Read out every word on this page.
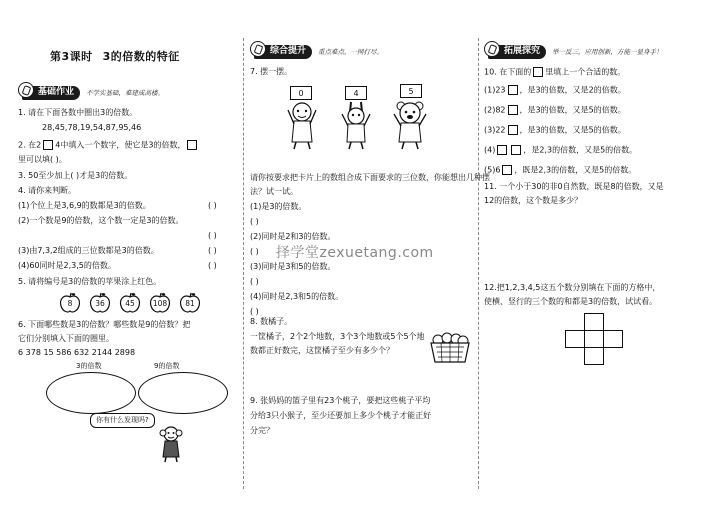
第3课时 3的倍数的特征
基础作业	不学实基础，难建成高楼。
1. 请在下面各数中圈出3的倍数。
28,45,78,19,54,87,95,46
2. 在2 4中填入一个数字，使它是3的倍数，
里可以填( )。
3. 50至少加上( )才是3的倍数。
4. 请你来判断。
(1)个位上是3,6,9的数都是3的倍数。	( )
(2)一个数是9的倍数，这个数一定是3的倍数。
( )
(3)由7,3,2组成的三位数都是3的倍数。	( )
(4)60同时是2,3,5的倍数。	( )
5. 请将编号是3的倍数的苹果涂上红色。
8	36	45	108	81
6. 下面哪些数是3的倍数？哪些数是9的倍数？把
它们分别填入下面的圈里。
6 378 15 586 632 2144 2898
3的倍数	9的倍数
你有什么发现吗?
综合提升	重点难点，一网打尽。
7. 摆一摆。
0	4	5
请你按要求把卡片上的数组合成下面要求的三位数，你能想出几种摆
法？试一试。
(1)是3的倍数。
( )
(2)同时是2和3的倍数。
( )
(3)同时是3和5的倍数。
( )
(4)同时是2,3和5的倍数。
( )
8. 数橘子。
一筐橘子，2个2个地数，3个3个地数或5个5个地
数都正好数完，这筐橘子至少有多少个？
9. 张妈妈的篮子里有23个桃子，要把这些桃子平均
分给3只小猴子，至少还要加上多少个桃子才能正好
分完？
拓展探究	举一反三，应用创新，方能一显身手！
10. 在下面的 里填上一个合适的数。
(1)23 ，是3的倍数，又是2的倍数。
(2)82 ，是3的倍数，又是5的倍数。
(3)22 ，是3的倍数，又是5的倍数。
(4)	，是2,3的倍数，又是5的倍数。
(5)6 ，既是2,3的倍数，又是5的倍数。
11. 一个小于30的非0自然数，既是8的倍数，又是
12的倍数，这个数是多少？
12.把1,2,3,4,5这五个数分别填在下面的方格中，
使横、竖行的三个数的和都是3的倍数，试试看。
择学堂zexuetang.com
